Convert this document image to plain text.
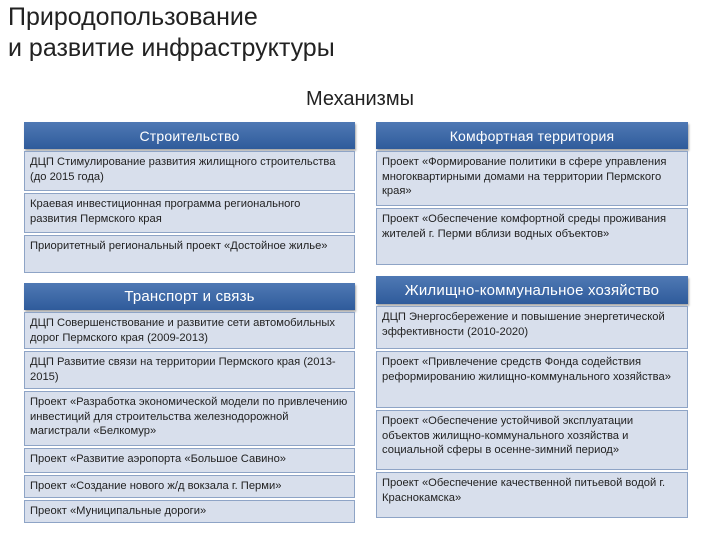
Природопользование
и развитие инфраструктуры
Механизмы
Строительство
ДЦП Стимулирование развития жилищного строительства (до 2015 года)
Краевая инвестиционная программа регионального развития Пермского края
Приоритетный региональный проект «Достойное жилье»
Транспорт и связь
ДЦП Совершенствование и развитие сети автомобильных дорог Пермского края (2009-2013)
ДЦП Развитие связи на территории Пермского края (2013-2015)
Проект «Разработка экономической модели по привлечению инвестиций для строительства железнодорожной магистрали «Белкомур»
Проект «Развитие аэропорта «Большое Савино»
Проект «Создание нового ж/д вокзала г. Перми»
Преокт «Муниципальные дороги»
Комфортная территория
Проект «Формирование политики в сфере управления многоквартирными домами на территории Пермского края»
Проект «Обеспечение комфортной среды проживания жителей г. Перми вблизи водных объектов»
Жилищно-коммунальное хозяйство
ДЦП Энергосбережение и повышение энергетической эффективности (2010-2020)
Проект «Привлечение средств Фонда содействия реформированию жилищно-коммунального хозяйства»
Проект «Обеспечение устойчивой эксплуатации объектов жилищно-коммунального хозяйства и социальной сферы в осенне-зимний период»
Проект «Обеспечение качественной питьевой водой г. Краснокамска»
